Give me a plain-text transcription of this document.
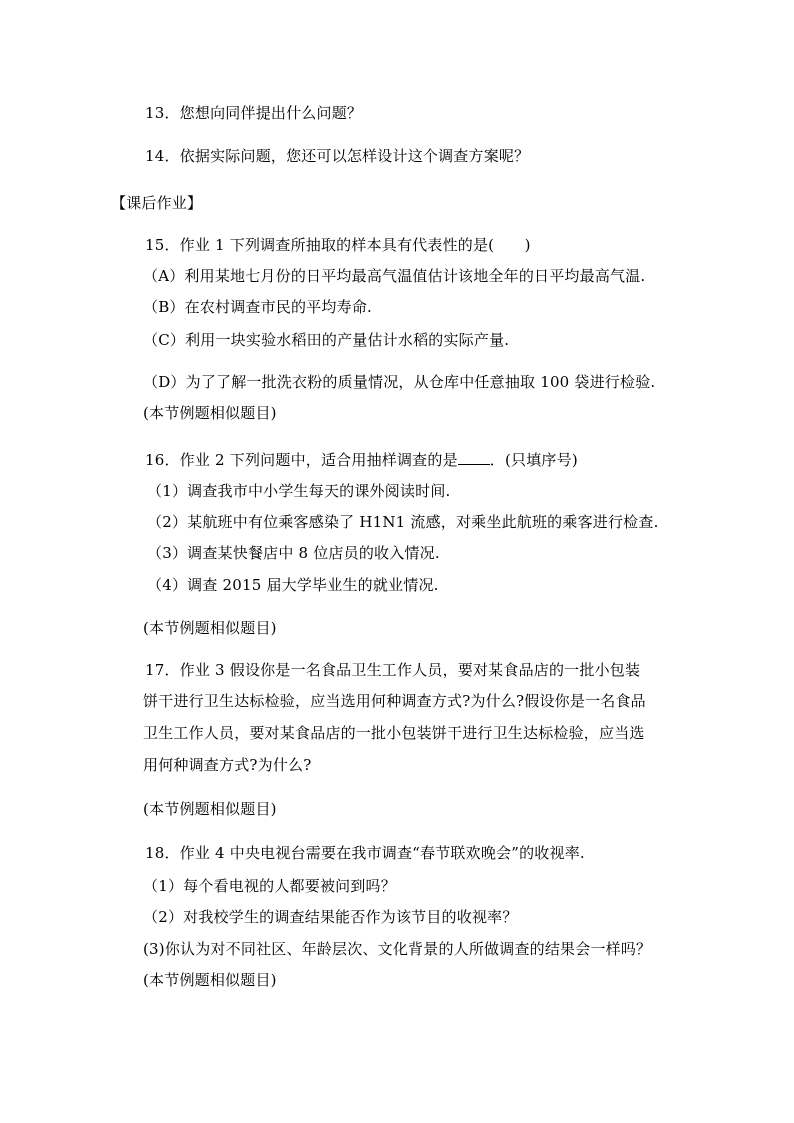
13．您想向同伴提出什么问题？
14．依据实际问题，您还可以怎样设计这个调查方案呢？
【课后作业】
15．作业 1 下列调查所抽取的样本具有代表性的是(　　)
（A）利用某地七月份的日平均最高气温值估计该地全年的日平均最高气温.
（B）在农村调查市民的平均寿命.
（C）利用一块实验水稻田的产量估计水稻的实际产量.
（D）为了了解一批洗衣粉的质量情况，从仓库中任意抽取 100 袋进行检验.
(本节例题相似题目)
16．作业 2 下列问题中，适合用抽样调查的是 ．(只填序号)
（1）调查我市中小学生每天的课外阅读时间.
（2）某航班中有位乘客感染了 H1N1 流感，对乘坐此航班的乘客进行检查.
（3）调查某快餐店中 8 位店员的收入情况.
（4）调查 2015 届大学毕业生的就业情况.
(本节例题相似题目)
17．作业 3 假设你是一名食品卫生工作人员，要对某食品店的一批小包装
饼干进行卫生达标检验，应当选用何种调查方式?为什么?假设你是一名食品
卫生工作人员，要对某食品店的一批小包装饼干进行卫生达标检验，应当选
用何种调查方式?为什么?
(本节例题相似题目)
18．作业 4 中央电视台需要在我市调查“春节联欢晚会”的收视率.
（1）每个看电视的人都要被问到吗？
（2）对我校学生的调查结果能否作为该节目的收视率？
(3)你认为对不同社区、年龄层次、文化背景的人所做调查的结果会一样吗？
(本节例题相似题目)
